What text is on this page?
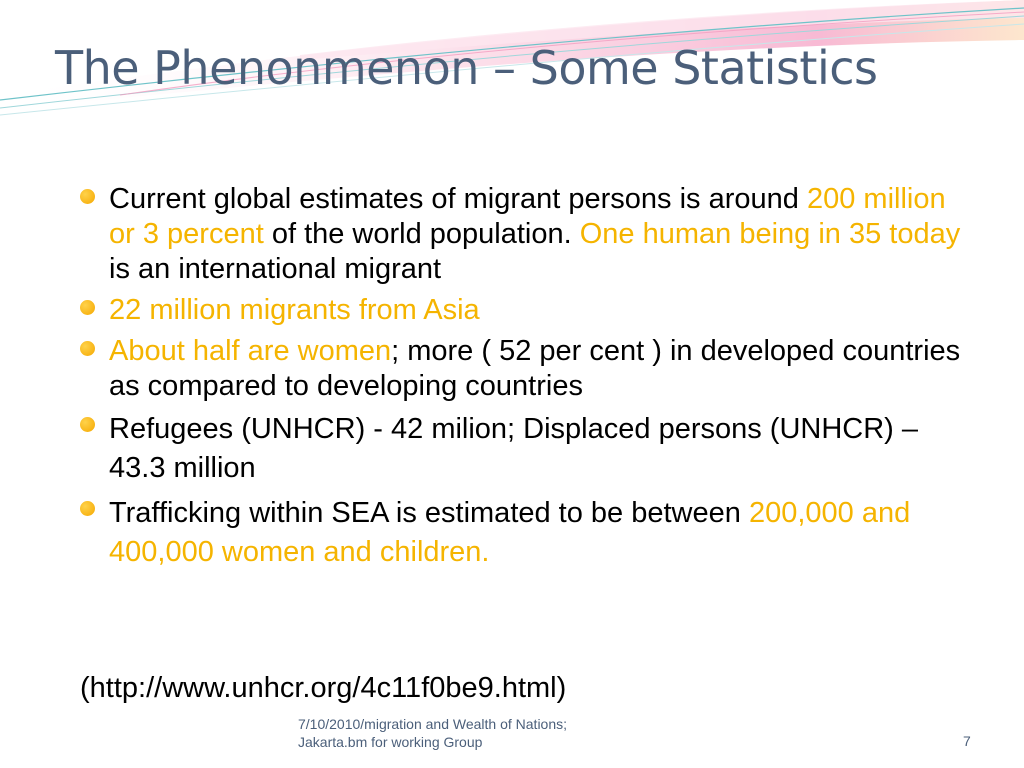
The Phenonmenon – Some Statistics
Current global estimates of migrant persons is around 200 million or 3 percent of the world population. One human being in 35 today is an international migrant
22 million migrants from Asia
About half are women; more ( 52 per cent ) in developed countries as compared to developing countries
Refugees (UNHCR) - 42 milion; Displaced persons (UNHCR) – 43.3 million
Trafficking within SEA is estimated to be between 200,000 and 400,000 women and children.
(http://www.unhcr.org/4c11f0be9.html)
7/10/2010/migration and Wealth of Nations;
Jakarta.bm for working Group	7
